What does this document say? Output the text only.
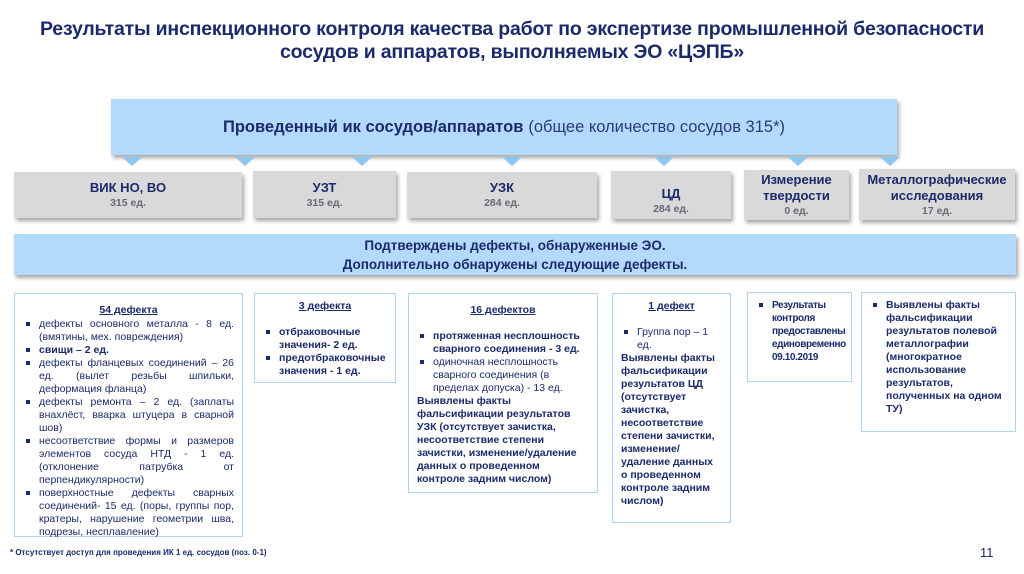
Результаты инспекционного контроля качества работ по экспертизе промышленной безопасности сосудов и аппаратов, выполняемых ЭО «ЦЭПБ»
Проведенный ик сосудов/аппаратов (общее количество сосудов 315*)
ВИК НО, ВО
315 ед.
УЗТ
315 ед.
УЗК
284 ед.
ЦД
284 ед.
Измерение твердости
0 ед.
Металлографические исследования
17 ед.
Подтверждены дефекты, обнаруженные ЭО.
Дополнительно обнаружены следующие дефекты.
54 дефекта
дефекты основного металла - 8 ед. (вмятины, мех. повреждения)
свищи – 2 ед.
дефекты фланцевых соединений – 26 ед. (вылет резьбы шпильки, деформация фланца)
дефекты ремонта – 2 ед. (заплаты внахлёст, вварка штуцера в сварной шов)
несоответствие формы и размеров элементов сосуда НТД - 1 ед. (отклонение патрубка от перпендикулярности)
поверхностные дефекты сварных соединений- 15 ед. (поры, группы пор, кратеры, нарушение геометрии шва, подрезы, несплавление)
3 дефекта
отбраковочные значения- 2 ед.
предотбраковочные значения - 1 ед.
16 дефектов
протяженная несплошность сварного соединения - 3 ед.
одиночная несплошность сварного соединения (в пределах допуска) - 13 ед.

Выявлены факты фальсификации результатов УЗК (отсутствует зачистка, несоответствие степени зачистки, изменение/удаление данных о проведенном контроле задним числом)

1 дефект
Группа пор – 1 ед.

Выявлены факты фальсификации результатов ЦД (отсутствует зачистка, несоответствие степени зачистки, изменение/удаление данных о проведенном контроле задним числом)

Результаты контроля предоставлены единовременно 09.10.2019
Выявлены факты фальсификации результатов полевой металлографии (многократное использование результатов, полученных на одном ТУ)
* Отсутствует доступ для проведения ИК 1 ед. сосудов (поз. 0-1)	11
